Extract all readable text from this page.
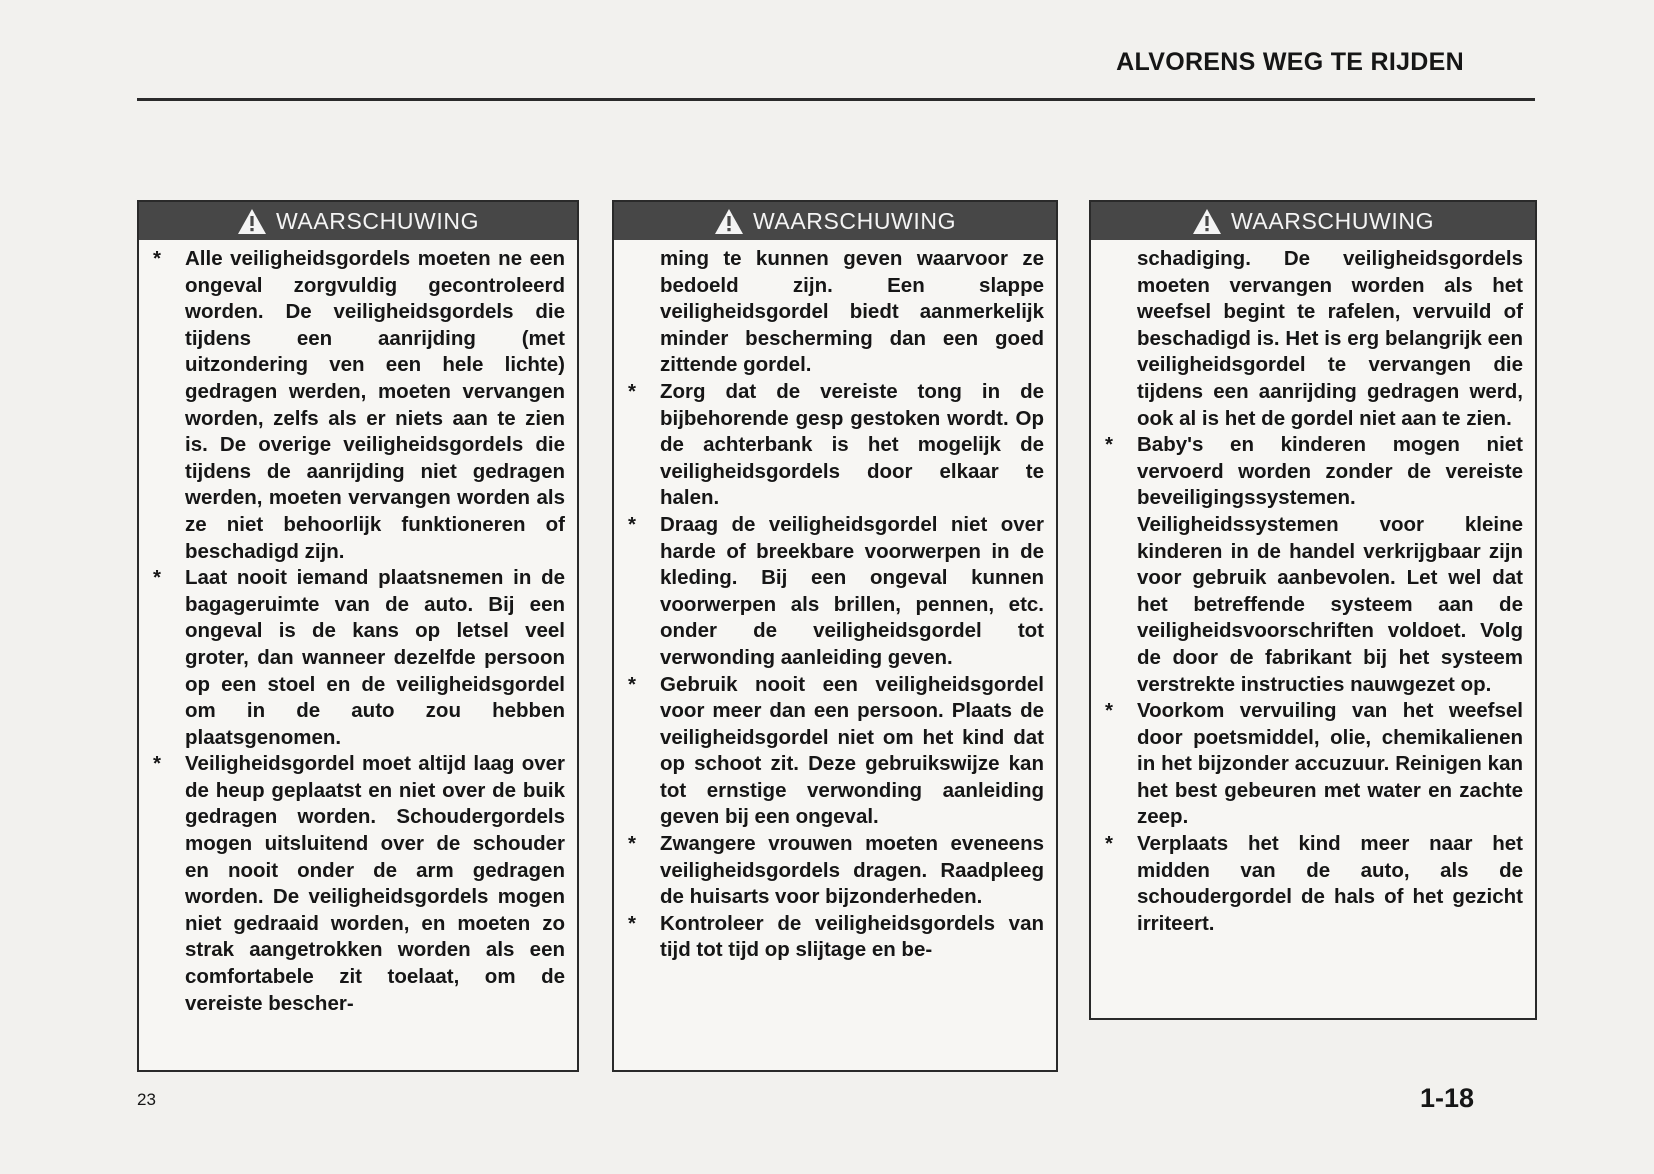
ALVORENS WEG TE RIJDEN
WAARSCHUWING
*	Alle veiligheidsgordels moeten ne een ongeval zorgvuldig gecontroleerd worden. De veiligheidsgordels die tijdens een aanrijding (met uitzondering ven een hele lichte) gedragen werden, moeten vervangen worden, zelfs als er niets aan te zien is. De overige veiligheidsgordels die tijdens de aanrijding niet gedragen werden, moeten vervangen worden als ze niet behoorlijk funktioneren of beschadigd zijn.
*	Laat nooit iemand plaatsnemen in de bagageruimte van de auto. Bij een ongeval is de kans op letsel veel groter, dan wanneer dezelfde persoon op een stoel en de veiligheidsgordel om in de auto zou hebben plaatsgenomen.
*	Veiligheidsgordel moet altijd laag over de heup geplaatst en niet over de buik gedragen worden. Schoudergordels mogen uitsluitend over de schouder en nooit onder de arm gedragen worden. De veiligheidsgordels mogen niet gedraaid worden, en moeten zo strak aangetrokken worden als een comfortabele zit toelaat, om de vereiste bescher-
WAARSCHUWING
ming te kunnen geven waarvoor ze bedoeld zijn. Een slappe veiligheidsgordel biedt aanmerkelijk minder bescherming dan een goed zittende gordel.
*	Zorg dat de vereiste tong in de bijbehorende gesp gestoken wordt. Op de achterbank is het mogelijk de veiligheidsgordels door elkaar te halen.
*	Draag de veiligheidsgordel niet over harde of breekbare voorwerpen in de kleding. Bij een ongeval kunnen voorwerpen als brillen, pennen, etc. onder de veiligheidsgordel tot verwonding aanleiding geven.
*	Gebruik nooit een veiligheidsgordel voor meer dan een persoon. Plaats de veiligheidsgordel niet om het kind dat op schoot zit. Deze gebruikswijze kan tot ernstige verwonding aanleiding geven bij een ongeval.
*	Zwangere vrouwen moeten eveneens veiligheidsgordels dragen. Raadpleeg de huisarts voor bijzonderheden.
*	Kontroleer de veiligheidsgordels van tijd tot tijd op slijtage en be-
WAARSCHUWING
schadiging. De veiligheidsgordels moeten vervangen worden als het weefsel begint te rafelen, vervuild of beschadigd is. Het is erg belangrijk een veiligheidsgordel te vervangen die tijdens een aanrijding gedragen werd, ook al is het de gordel niet aan te zien.
*	Baby's en kinderen mogen niet vervoerd worden zonder de vereiste beveiligingssystemen. Veiligheidssystemen voor kleine kinderen in de handel verkrijgbaar zijn voor gebruik aanbevolen. Let wel dat het betreffende systeem aan de veiligheidsvoorschriften voldoet. Volg de door de fabrikant bij het systeem verstrekte instructies nauwgezet op.
*	Voorkom vervuiling van het weefsel door poetsmiddel, olie, chemikalienen in het bijzonder accuzuur. Reinigen kan het best gebeuren met water en zachte zeep.
*	Verplaats het kind meer naar het midden van de auto, als de schoudergordel de hals of het gezicht irriteert.
23	1-18
